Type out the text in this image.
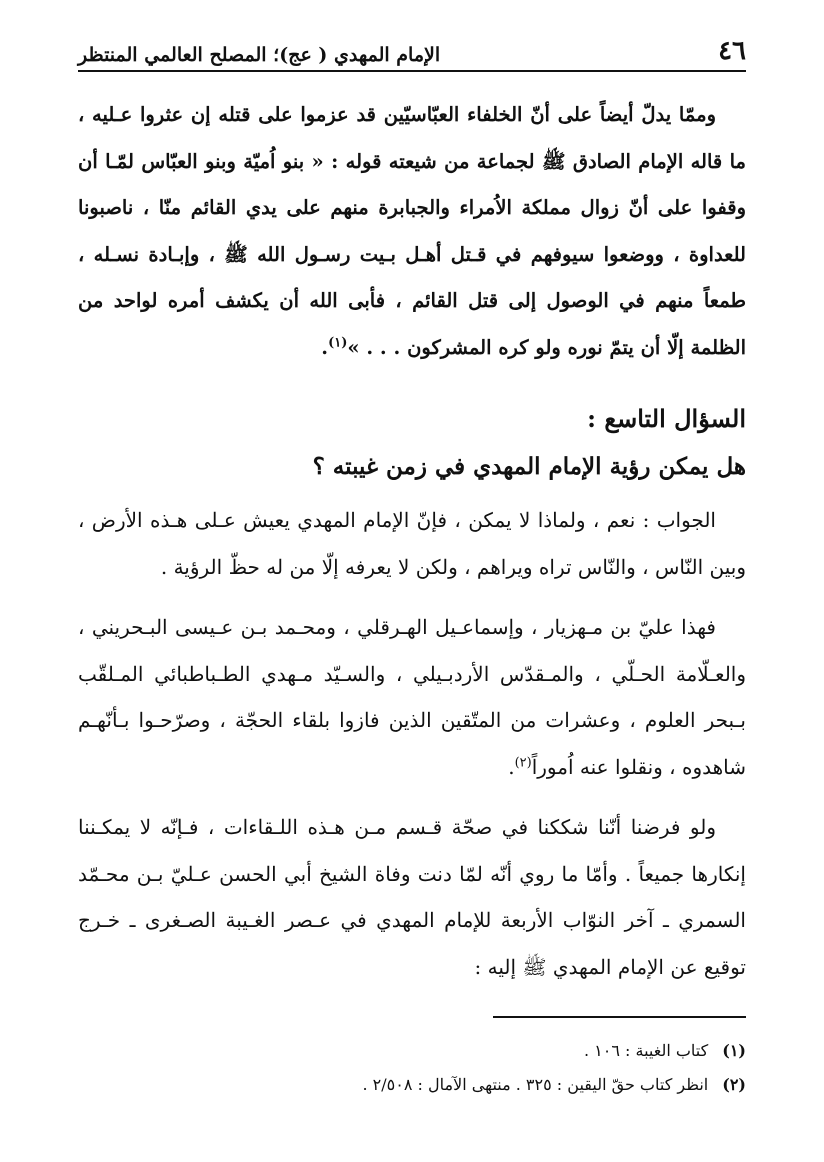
٤٦
الإمام المهدي ( عج)؛ المصلح العالمي المنتظر

وممّا يدلّ أيضاً على أنّ الخلفاء العبّاسيّين قد عزموا على قتله إن عثروا عـليه ، ما قاله الإمام الصادق ﷺ لجماعة من شيعته قوله : « بنو اُميّة وبنو العبّاس لمّـا أن وقفوا على أنّ زوال مملكة الاُمراء والجبابرة منهم على يدي القائم منّا ، ناصبونا للعداوة ، ووضعوا سيوفهم في قـتل أهـل بـيت رسـول الله ﷺ ، وإبـادة نسـله ، طمعاً منهم في الوصول إلى قتل القائم ، فأبى الله أن يكشف أمره لواحد من الظلمة إلّا أن يتمّ نوره ولو كره المشركون . . . »$^{(١)}$.

السؤال التاسع :
هل يمكن رؤية الإمام المهدي في زمن غيبته ؟

الجواب : نعم ، ولماذا لا يمكن ، فإنّ الإمام المهدي يعيش عـلى هـذه الأرض ، وبين النّاس ، والنّاس تراه ويراهم ، ولكن لا يعرفه إلّا من له حظّ الرؤية .

فهذا عليّ بن مـهزيار ، وإسماعـيل الهـرقلي ، ومحـمد بـن عـيسى البـحريني ، والعـلّامة الحـلّي ، والمـقدّس الأردبـيلي ، والسـيّد مـهدي الطـباطبائي المـلقّب بـبحر العلوم ، وعشرات من المتّقين الذين فازوا بلقاء الحجّة ، وصرّحـوا بـأنّهـم شاهدوه ، ونقلوا عنه اُموراً$^{(٢)}$.

ولو فرضنا أنّنا شككنا في صحّة قـسم مـن هـذه اللـقاءات ، فـإنّه لا يمكـننا إنكارها جميعاً . وأمّا ما روي أنّه لمّا دنت وفاة الشيخ أبي الحسن عـليّ بـن محـمّد السمري ـ آخر النوّاب الأربعة للإمام المهدي في عـصر الغـيبة الصـغرى ـ خـرج توقيع عن الإمام المهدي ﷺ إليه :

(١)كتاب الغيبة : ١٠٦ .

(٢)انظر كتاب حقّ اليقين : ٣٢٥ . منتهى الآمال : ٢/٥٠٨ .
